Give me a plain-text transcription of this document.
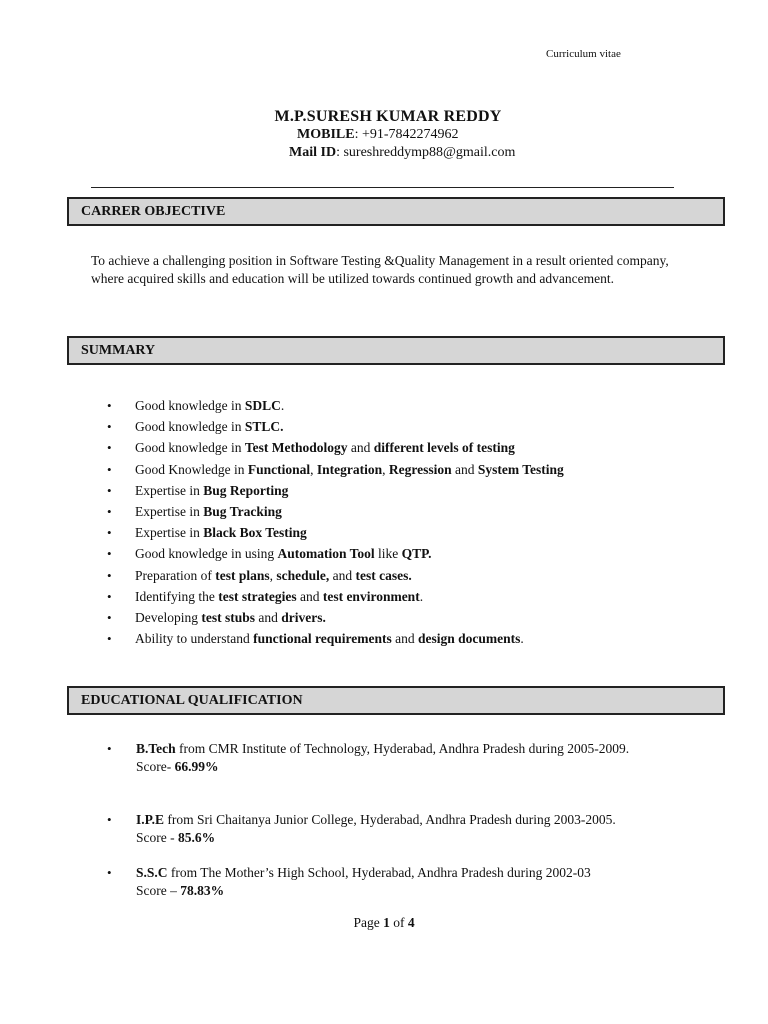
Curriculum vitae
M.P.SURESH KUMAR REDDY
MOBILE: +91-7842274962
Mail ID: sureshreddymp88@gmail.com
CARRER OBJECTIVE
To achieve a challenging position in Software Testing &Quality Management in a result oriented company, where acquired skills and education will be utilized towards continued growth and advancement.
SUMMARY
• Good knowledge in SDLC.
• Good knowledge in STLC.
• Good knowledge in Test Methodology and different levels of testing
• Good Knowledge in Functional, Integration, Regression and System Testing
• Expertise in Bug Reporting
• Expertise in Bug Tracking
• Expertise in Black Box Testing
• Good knowledge in using Automation Tool like QTP.
• Preparation of test plans, schedule, and test cases.
• Identifying the test strategies and test environment.
• Developing test stubs and drivers.
• Ability to understand functional requirements and design documents.
EDUCATIONAL QUALIFICATION
• B.Tech from CMR Institute of Technology, Hyderabad, Andhra Pradesh during 2005-2009.
Score- 66.99%
• I.P.E from Sri Chaitanya Junior College, Hyderabad, Andhra Pradesh during 2003-2005.
Score - 85.6%
• S.S.C from The Mother’s High School, Hyderabad, Andhra Pradesh during 2002-03
Score – 78.83%
Page 1 of 4
